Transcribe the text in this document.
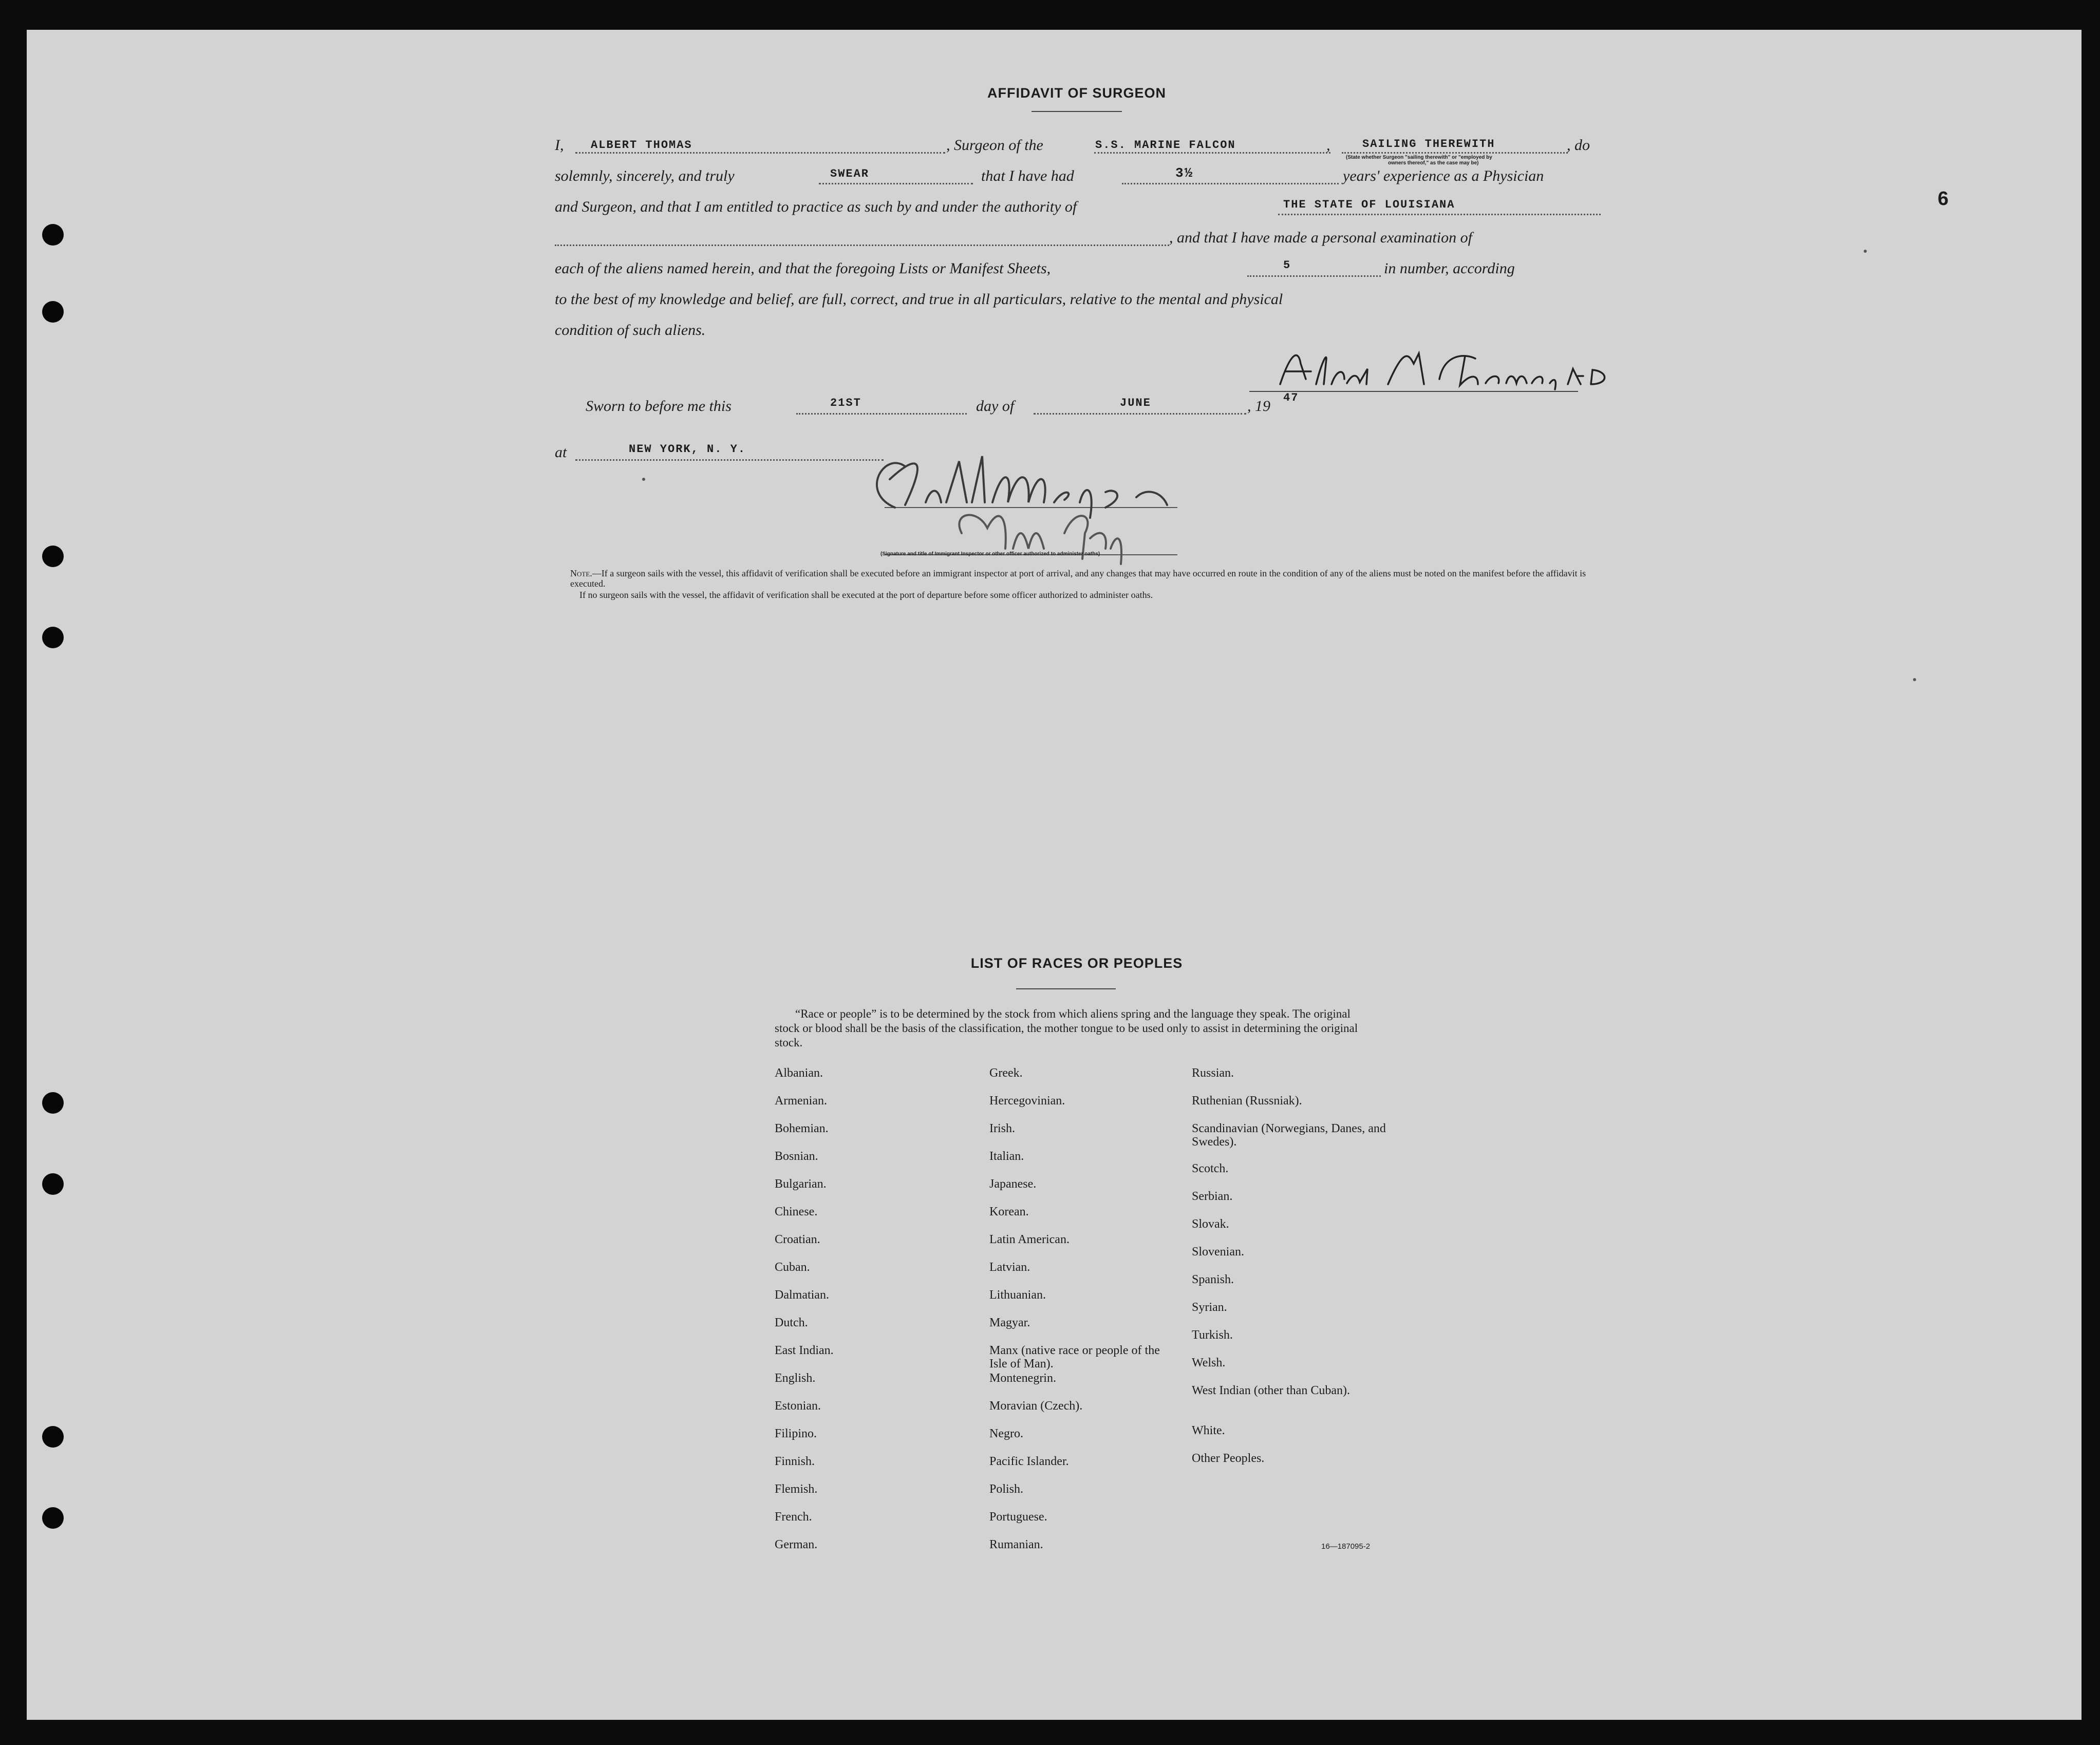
AFFIDAVIT OF SURGEON
I, ALBERT THOMAS	, Surgeon of the	S.S. MARINE FALCON	,	SAILING THEREWITH
(State whether Surgeon "sailing therewith" or "employed by
owners thereof," as the case may be)
, do
solemnly, sincerely, and truly	SWEAR	that I have had	3½	years' experience as a Physician
and Surgeon, and that I am entitled to practice as such by and under the authority of	THE STATE OF LOUISIANA
, and that I have made a personal examination of
each of the aliens named herein, and that the foregoing Lists or Manifest Sheets,	5	in number, according
to the best of my knowledge and belief, are full, correct, and true in all particulars, relative to the mental and physical
condition of such aliens.
Sworn to before me this	21ST	day of	JUNE	, 19 47
at	NEW YORK, N. Y.
(Signature and title of Immigrant Inspector or other officer authorized to administer oaths)
Note.—If a surgeon sails with the vessel, this affidavit of verification shall be executed before an immigrant inspector at port of arrival, and any changes that may have occurred en route in the condition of any of the aliens must be noted on the manifest before the affidavit is executed.
If no surgeon sails with the vessel, the affidavit of verification shall be executed at the port of departure before some officer authorized to administer oaths.
6
LIST OF RACES OR PEOPLES
“Race or people” is to be determined by the stock from which aliens spring and the language they speak. The original stock or blood shall be the basis of the classification, the mother tongue to be used only to assist in determining the original stock.
Albanian.
Armenian.
Bohemian.
Bosnian.
Bulgarian.
Chinese.
Croatian.
Cuban.
Dalmatian.
Dutch.
East Indian.
English.
Estonian.
Filipino.
Finnish.
Flemish.
French.
German.
Greek.
Hercegovinian.
Irish.
Italian.
Japanese.
Korean.
Latin American.
Latvian.
Lithuanian.
Magyar.
Manx (native race or people of the Isle of Man).
Montenegrin.
Moravian (Czech).
Negro.
Pacific Islander.
Polish.
Portuguese.
Rumanian.
Russian.
Ruthenian (Russniak).
Scandinavian (Norwegians, Danes, and Swedes).
Scotch.
Serbian.
Slovak.
Slovenian.
Spanish.
Syrian.
Turkish.
Welsh.
West Indian (other than Cuban).
White.
Other Peoples.
16—187095-2
